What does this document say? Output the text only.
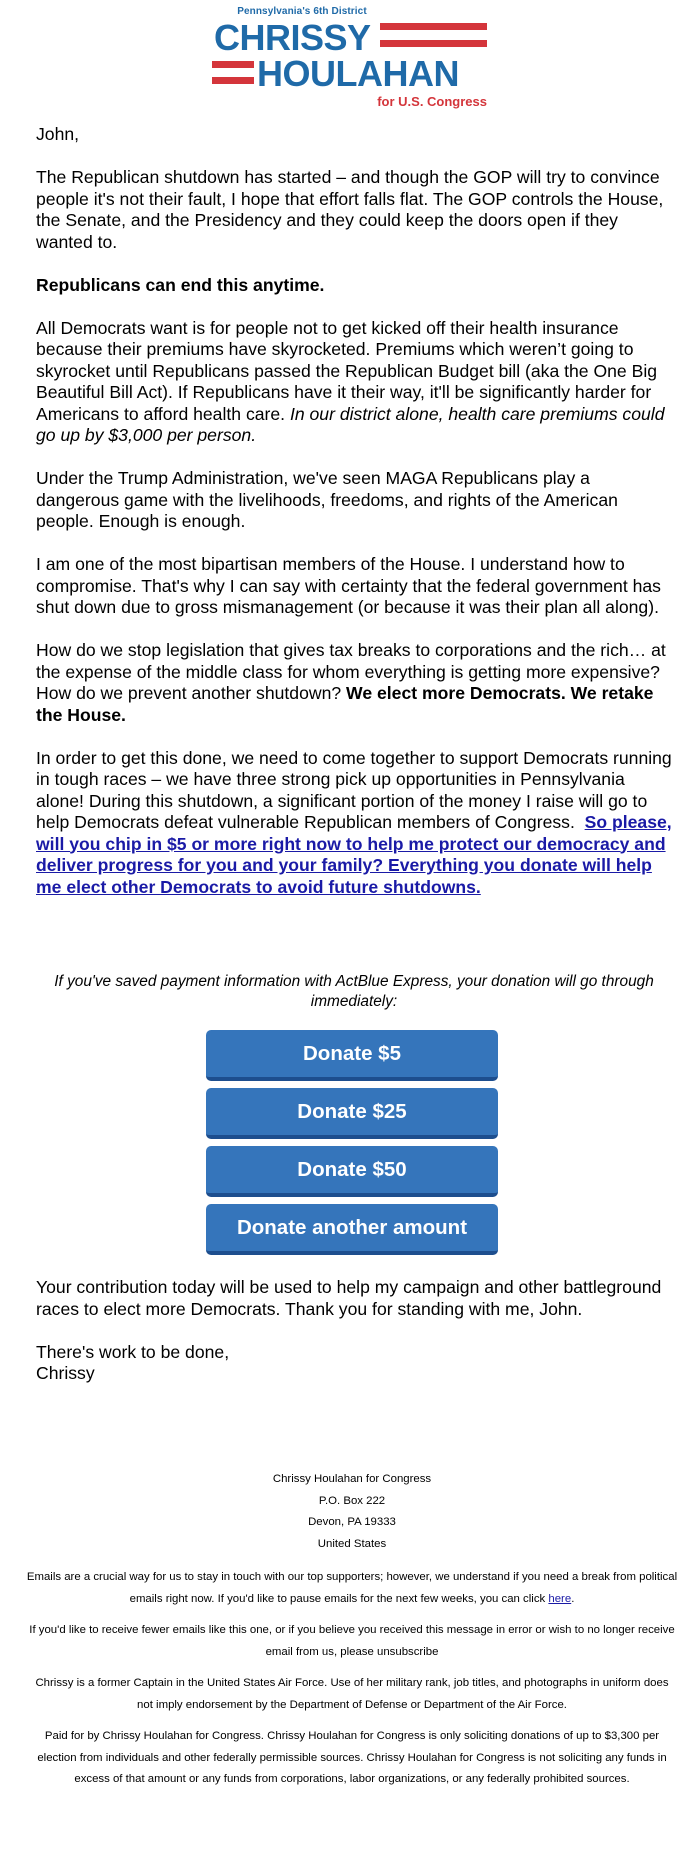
Pennsylvania's 6th District
CHRISSY
HOULAHAN
for U.S. Congress

John,

The Republican shutdown has started – and though the GOP will try to convince people it's not their fault, I hope that effort falls flat. The GOP controls the House, the Senate, and the Presidency and they could keep the doors open if they wanted to.

Republicans can end this anytime.

All Democrats want is for people not to get kicked off their health insurance because their premiums have skyrocketed. Premiums which weren’t going to skyrocket until Republicans passed the Republican Budget bill (aka the One Big Beautiful Bill Act). If Republicans have it their way, it'll be significantly harder for Americans to afford health care. In our district alone, health care premiums could go up by $3,000 per person.

Under the Trump Administration, we've seen MAGA Republicans play a dangerous game with the livelihoods, freedoms, and rights of the American people. Enough is enough.

I am one of the most bipartisan members of the House. I understand how to compromise. That's why I can say with certainty that the federal government has shut down due to gross mismanagement (or because it was their plan all along).

How do we stop legislation that gives tax breaks to corporations and the rich… at the expense of the middle class for whom everything is getting more expensive? How do we prevent another shutdown? We elect more Democrats. We retake the House.

In order to get this done, we need to come together to support Democrats running in tough races – we have three strong pick up opportunities in Pennsylvania alone! During this shutdown, a significant portion of the money I raise will go to help Democrats defeat vulnerable Republican members of Congress. So please, will you chip in $5 or more right now to help me protect our democracy and deliver progress for you and your family? Everything you donate will help me elect other Democrats to avoid future shutdowns.

If you've saved payment information with ActBlue Express, your donation will go through immediately:
Donate $5
Donate $25
Donate $50
Donate another amount

Your contribution today will be used to help my campaign and other battleground races to elect more Democrats. Thank you for standing with me, John.

There's work to be done,
Chrissy

Chrissy Houlahan for Congress
P.O. Box 222
Devon, PA 19333
United States

Emails are a crucial way for us to stay in touch with our top supporters; however, we understand if you need a break from political emails right now. If you'd like to pause emails for the next few weeks, you can click here.

If you'd like to receive fewer emails like this one, or if you believe you received this message in error or wish to no longer receive email from us, please unsubscribe

Chrissy is a former Captain in the United States Air Force. Use of her military rank, job titles, and photographs in uniform does not imply endorsement by the Department of Defense or Department of the Air Force.

Paid for by Chrissy Houlahan for Congress. Chrissy Houlahan for Congress is only soliciting donations of up to $3,300 per election from individuals and other federally permissible sources. Chrissy Houlahan for Congress is not soliciting any funds in excess of that amount or any funds from corporations, labor organizations, or any federally prohibited sources.
